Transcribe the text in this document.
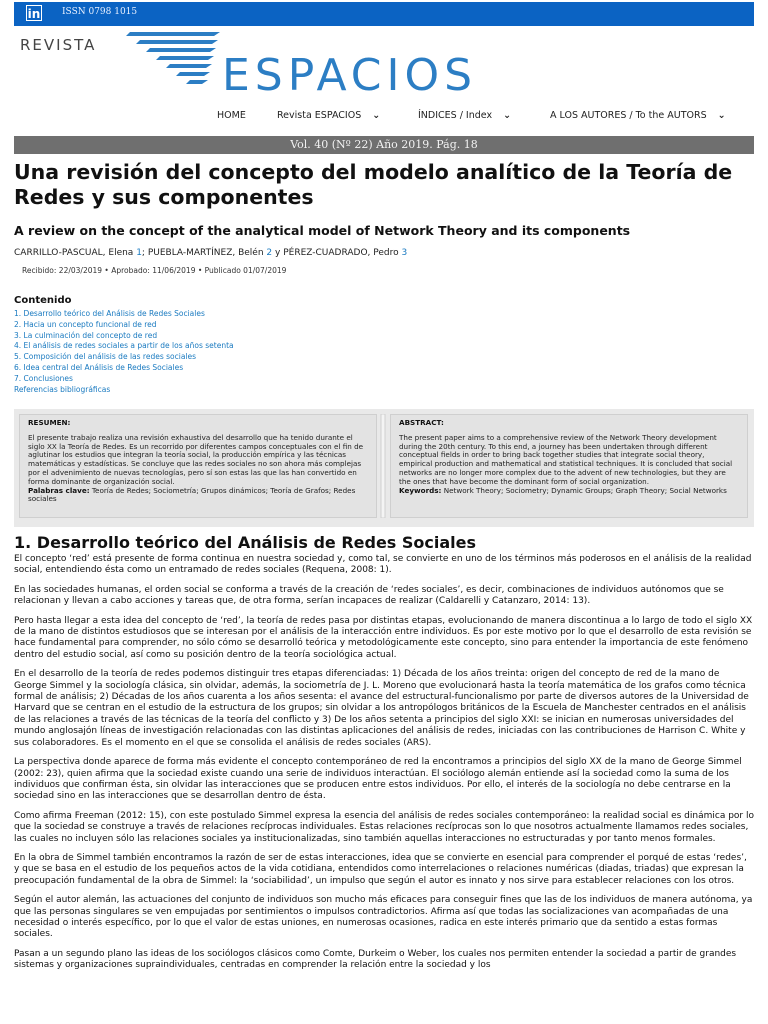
in ISSN 0798 1015
REVISTA
ESPACIOS
HOME	Revista ESPACIOS ⌄	ÍNDICES / Index ⌄	A LOS AUTORES / To the AUTORS ⌄
Vol. 40 (Nº 22) Año 2019. Pág. 18
Una revisión del concepto del modelo analítico de la Teoría de Redes y sus componentes
A review on the concept of the analytical model of Network Theory and its components
CARRILLO-PASCUAL, Elena 1; PUEBLA-MARTÍNEZ, Belén 2 y PÉREZ-CUADRADO, Pedro 3
Recibido: 22/03/2019 • Aprobado: 11/06/2019 • Publicado 01/07/2019
Contenido
1. Desarrollo teórico del Análisis de Redes Sociales
2. Hacia un concepto funcional de red
3. La culminación del concepto de red
4. El análisis de redes sociales a partir de los años setenta
5. Composición del análisis de las redes sociales
6. Idea central del Análisis de Redes Sociales
7. Conclusiones
Referencias bibliográficas
RESUMEN:
El presente trabajo realiza una revisión exhaustiva del desarrollo que ha tenido durante el siglo XX la Teoría de Redes. Es un recorrido por diferentes campos conceptuales con el fin de aglutinar los estudios que integran la teoría social, la producción empírica y las técnicas matemáticas y estadísticas. Se concluye que las redes sociales no son ahora más complejas por el advenimiento de nuevas tecnologías, pero sí son estas las que las han convertido en forma dominante de organización social.
Palabras clave: Teoría de Redes; Sociometría; Grupos dinámicos; Teoría de Grafos; Redes sociales
ABSTRACT:
The present paper aims to a comprehensive review of the Network Theory development during the 20th century. To this end, a journey has been undertaken through different conceptual fields in order to bring back together studies that integrate social theory, empirical production and mathematical and statistical techniques. It is concluded that social networks are no longer more complex due to the advent of new technologies, but they are the ones that have become the dominant form of social organization.
Keywords: Network Theory; Sociometry; Dynamic Groups; Graph Theory; Social Networks
1. Desarrollo teórico del Análisis de Redes Sociales

El concepto ‘red’ está presente de forma continua en nuestra sociedad y, como tal, se convierte en uno de los términos más poderosos en el análisis de la realidad social, entendiendo ésta como un entramado de redes sociales (Requena, 2008: 1).

En las sociedades humanas, el orden social se conforma a través de la creación de ‘redes sociales’, es decir, combinaciones de individuos autónomos que se relacionan y llevan a cabo acciones y tareas que, de otra forma, serían incapaces de realizar (Caldarelli y Catanzaro, 2014: 13).

Pero hasta llegar a esta idea del concepto de ‘red’, la teoría de redes pasa por distintas etapas, evolucionando de manera discontinua a lo largo de todo el siglo XX de la mano de distintos estudiosos que se interesan por el análisis de la interacción entre individuos. Es por este motivo por lo que el desarrollo de esta revisión se hace fundamental para comprender, no sólo cómo se desarrolló teórica y metodológicamente este concepto, sino para entender la importancia de este fenómeno dentro del estudio social, así como su posición dentro de la teoría sociológica actual.

En el desarrollo de la teoría de redes podemos distinguir tres etapas diferenciadas: 1) Década de los años treinta: origen del concepto de red de la mano de George Simmel y la sociología clásica, sin olvidar, además, la sociometría de J. L. Moreno que evolucionará hasta la teoría matemática de los grafos como técnica formal de análisis; 2) Décadas de los años cuarenta a los años sesenta: el avance del estructural-funcionalismo por parte de diversos autores de la Universidad de Harvard que se centran en el estudio de la estructura de los grupos; sin olvidar a los antropólogos británicos de la Escuela de Manchester centrados en el análisis de las relaciones a través de las técnicas de la teoría del conflicto y 3) De los años setenta a principios del siglo XXI: se inician en numerosas universidades del mundo anglosajón líneas de investigación relacionadas con las distintas aplicaciones del análisis de redes, iniciadas con las contribuciones de Harrison C. White y sus colaboradores. Es el momento en el que se consolida el análisis de redes sociales (ARS).

La perspectiva donde aparece de forma más evidente el concepto contemporáneo de red la encontramos a principios del siglo XX de la mano de George Simmel (2002: 23), quien afirma que la sociedad existe cuando una serie de individuos interactúan. El sociólogo alemán entiende así la sociedad como la suma de los individuos que confirman ésta, sin olvidar las interacciones que se producen entre estos individuos. Por ello, el interés de la sociología no debe centrarse en la sociedad sino en las interacciones que se desarrollan dentro de ésta.

Como afirma Freeman (2012: 15), con este postulado Simmel expresa la esencia del análisis de redes sociales contemporáneo: la realidad social es dinámica por lo que la sociedad se construye a través de relaciones recíprocas individuales. Estas relaciones recíprocas son lo que nosotros actualmente llamamos redes sociales, las cuales no incluyen sólo las relaciones sociales ya institucionalizadas, sino también aquellas interacciones no estructuradas y por tanto menos formales.

En la obra de Simmel también encontramos la razón de ser de estas interacciones, idea que se convierte en esencial para comprender el porqué de estas ‘redes’, y que se basa en el estudio de los pequeños actos de la vida cotidiana, entendidos como interrelaciones o relaciones numéricas (diadas, triadas) que expresan la preocupación fundamental de la obra de Simmel: la ‘sociabilidad’, un impulso que según el autor es innato y nos sirve para establecer relaciones con los otros.

Según el autor alemán, las actuaciones del conjunto de individuos son mucho más eficaces para conseguir fines que las de los individuos de manera autónoma, ya que las personas singulares se ven empujadas por sentimientos o impulsos contradictorios. Afirma así que todas las socializaciones van acompañadas de una necesidad o interés específico, por lo que el valor de estas uniones, en numerosas ocasiones, radica en este interés primario que da sentido a estas formas sociales.

Pasan a un segundo plano las ideas de los sociólogos clásicos como Comte, Durkeim o Weber, los cuales nos permiten entender la sociedad a partir de grandes sistemas y organizaciones supraindividuales, centradas en comprender la relación entre la sociedad y los
